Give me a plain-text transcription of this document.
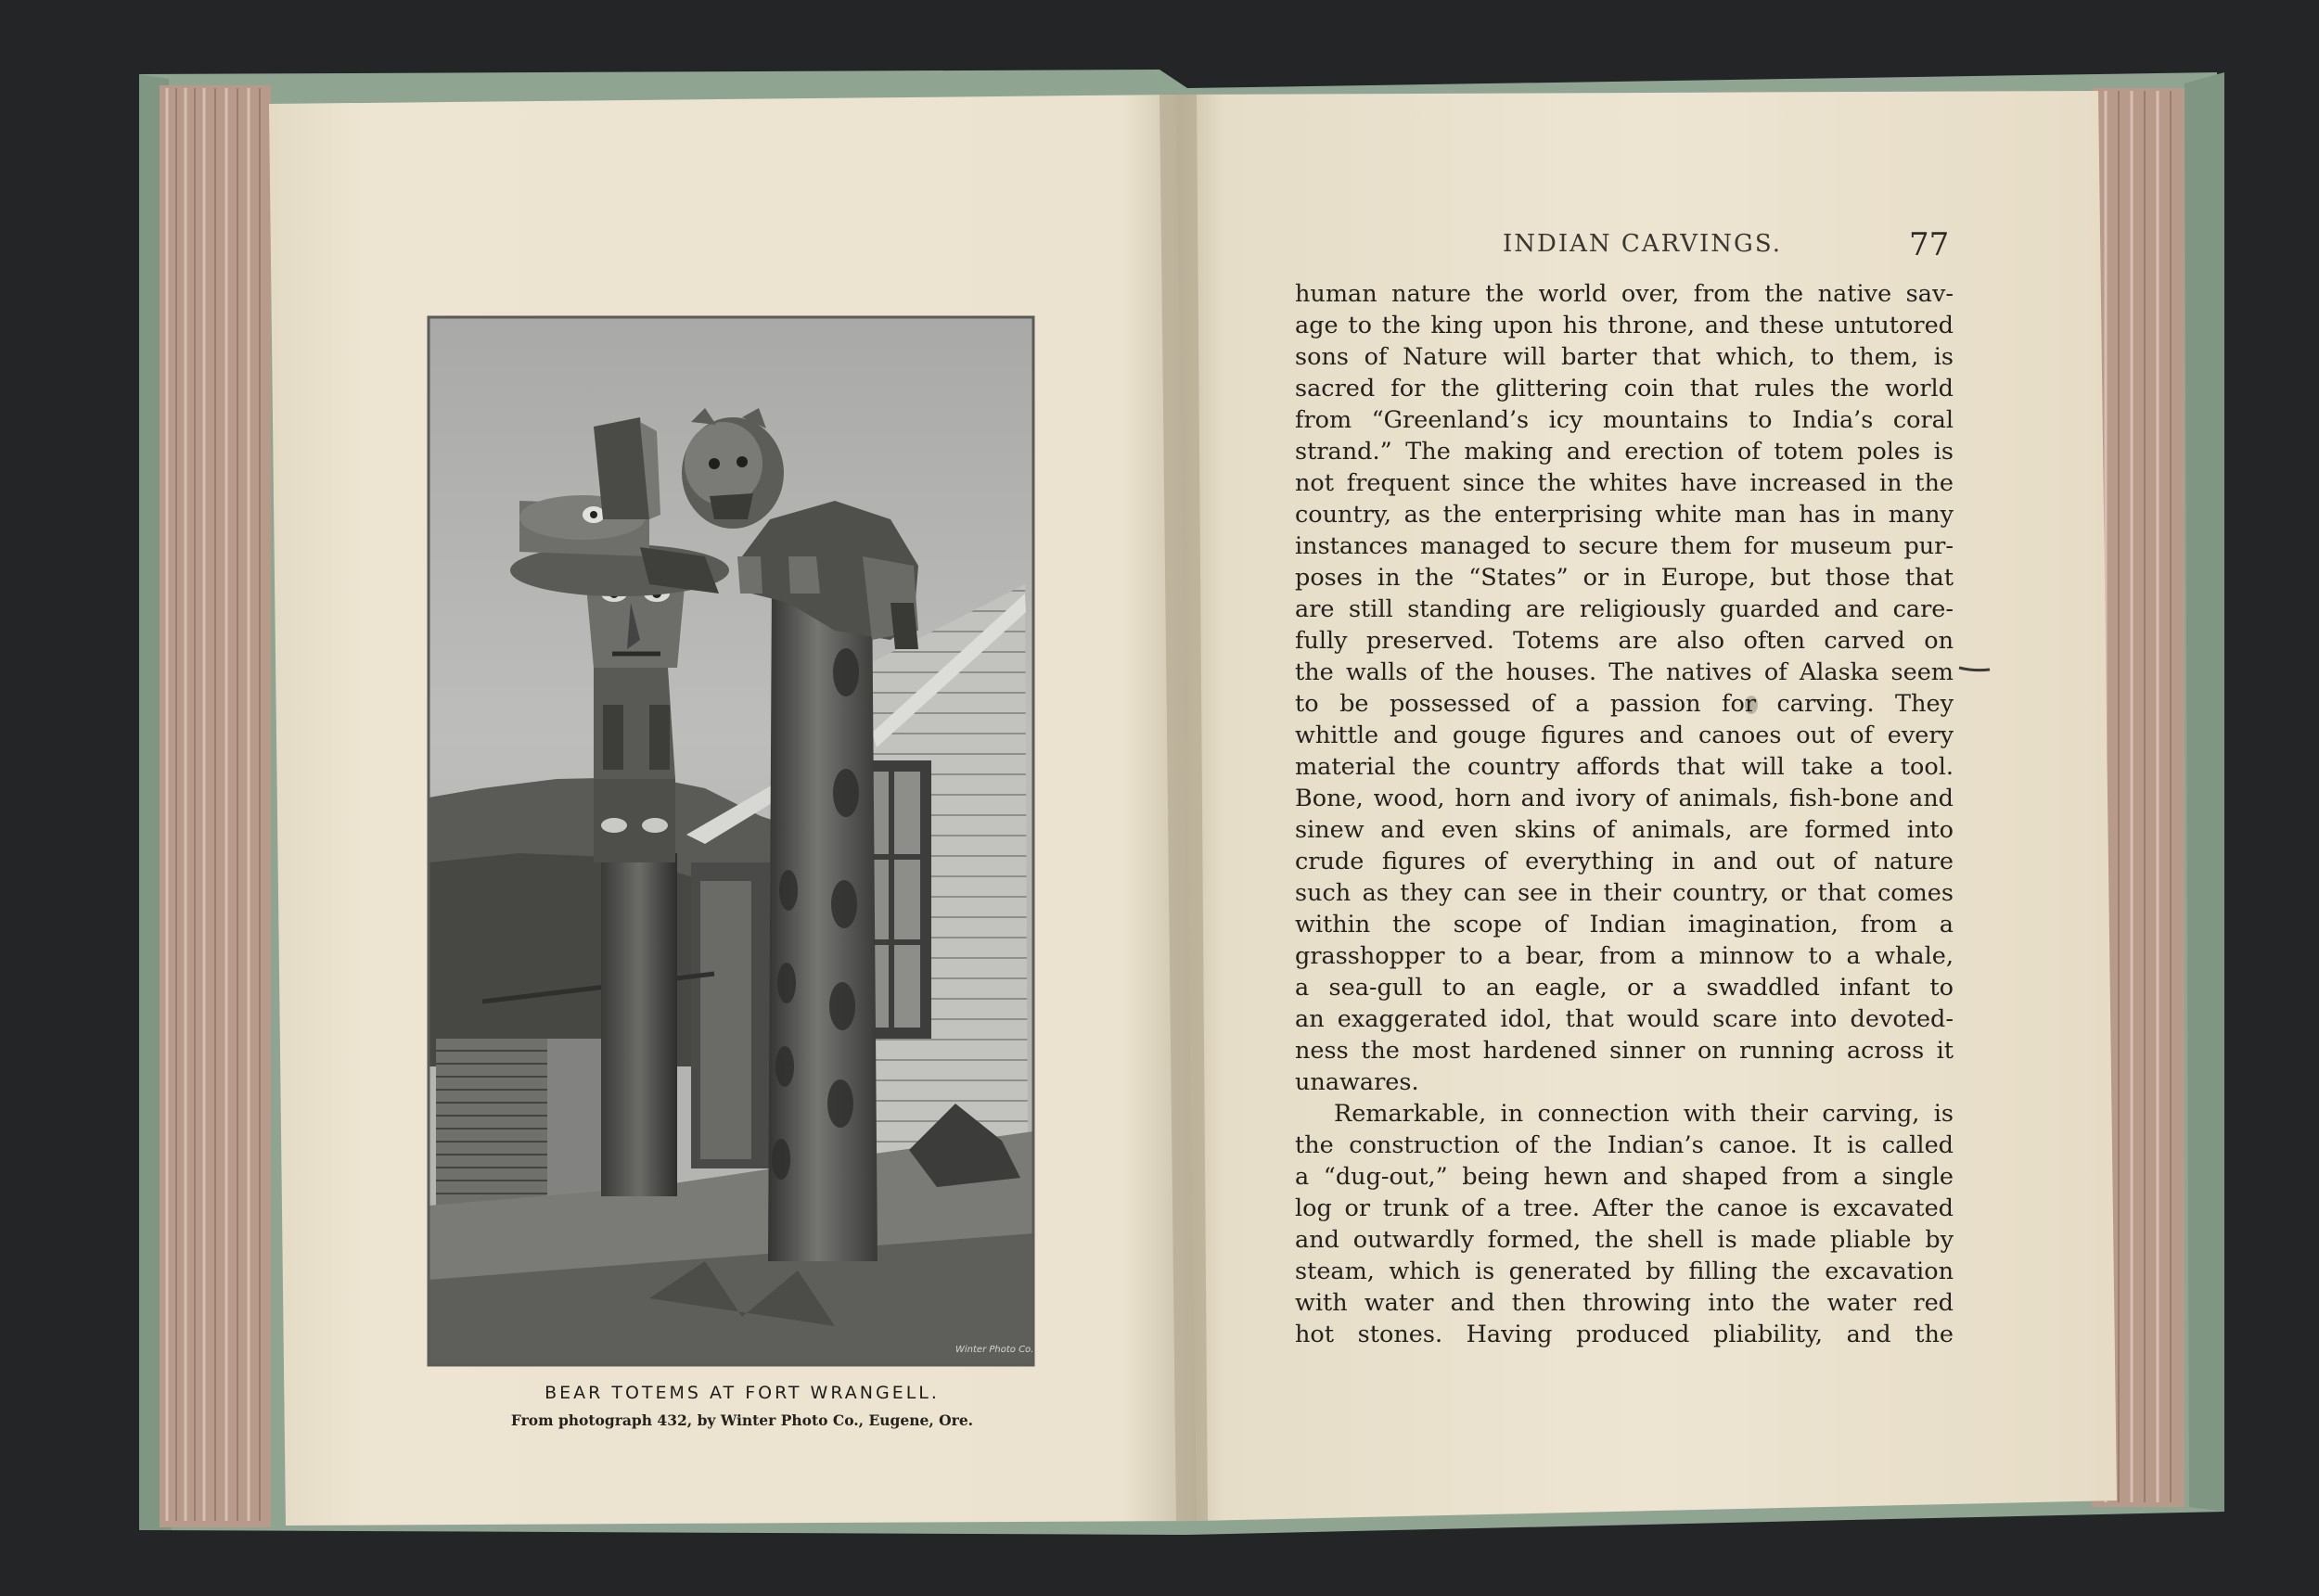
Winter Photo Co.
INDIAN CARVINGS.	77
BEAR TOTEMS AT FORT WRANGELL.
From photograph 432, by Winter Photo Co., Eugene, Ore.
human nature the world over, from the native sav-
age to the king upon his throne, and these untutored
sons of Nature will barter that which, to them, is
sacred for the glittering coin that rules the world
from “Greenland’s icy mountains to India’s coral
strand.” The making and erection of totem poles is
not frequent since the whites have increased in the
country, as the enterprising white man has in many
instances managed to secure them for museum pur-
poses in the “States” or in Europe, but those that
are still standing are religiously guarded and care-
fully preserved. Totems are also often carved on
the walls of the houses. The natives of Alaska seem
to be possessed of a passion for carving. They
whittle and gouge figures and canoes out of every
material the country affords that will take a tool.
Bone, wood, horn and ivory of animals, fish-bone and
sinew and even skins of animals, are formed into
crude figures of everything in and out of nature
such as they can see in their country, or that comes
within the scope of Indian imagination, from a
grasshopper to a bear, from a minnow to a whale,
a sea-gull to an eagle, or a swaddled infant to
an exaggerated idol, that would scare into devoted-
ness the most hardened sinner on running across it
unawares.
Remarkable, in connection with their carving, is
the construction of the Indian’s canoe. It is called
a “dug-out,” being hewn and shaped from a single
log or trunk of a tree. After the canoe is excavated
and outwardly formed, the shell is made pliable by
steam, which is generated by filling the excavation
with water and then throwing into the water red
hot stones. Having produced pliability, and the
